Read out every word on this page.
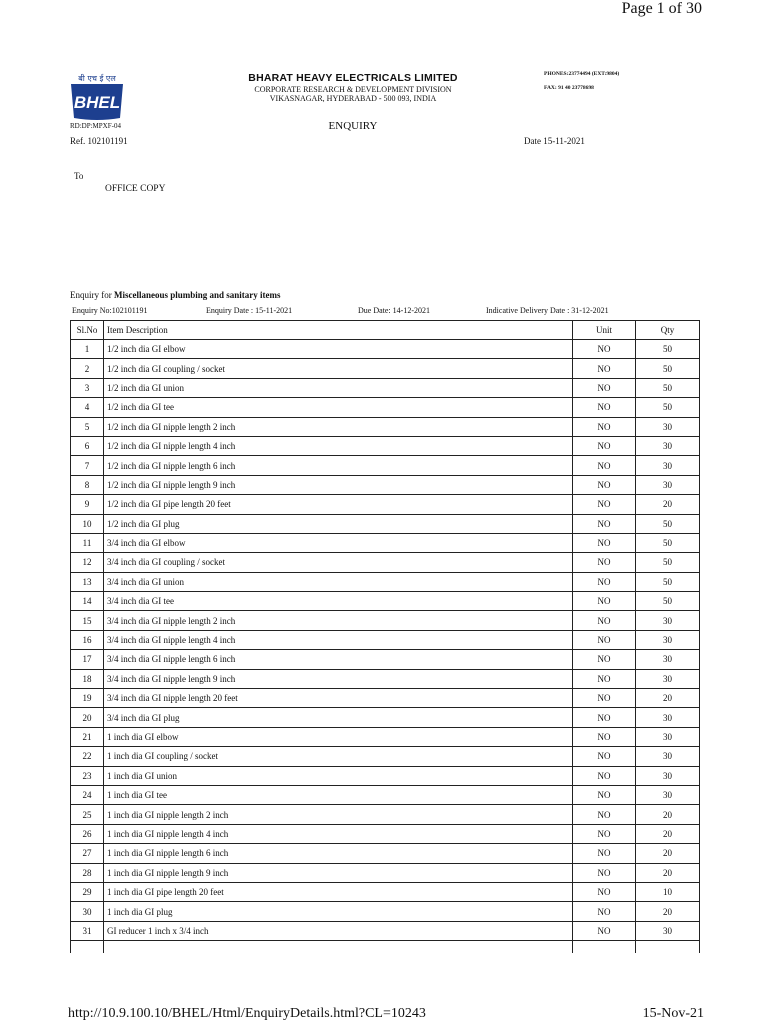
Page 1 of 30
बी एच ई एल
BHEL
BHARAT HEAVY ELECTRICALS LIMITED
CORPORATE RESEARCH & DEVELOPMENT DIVISION
VIKASNAGAR, HYDERABAD - 500 093, INDIA
PHONES:23774494 (EXT:9804)
FAX: 91 40 23778698
RD:DP:MPXF-04	ENQUIRY
Ref. 102101191	Date 15-11-2021
To
OFFICE COPY
Enquiry for Miscellaneous plumbing and sanitary items
Enquiry No:102101191	Enquiry Date : 15-11-2021	Due Date: 14-12-2021	Indicative Delivery Date : 31-12-2021
Sl.No	Item Description	Unit	Qty
1	1/2 inch dia GI elbow	NO	50
2	1/2 inch dia GI coupling / socket	NO	50
3	1/2 inch dia GI union	NO	50
4	1/2 inch dia GI tee	NO	50
5	1/2 inch dia GI nipple length 2 inch	NO	30
6	1/2 inch dia GI nipple length 4 inch	NO	30
7	1/2 inch dia GI nipple length 6 inch	NO	30
8	1/2 inch dia GI nipple length 9 inch	NO	30
9	1/2 inch dia GI pipe length 20 feet	NO	20
10	1/2 inch dia GI plug	NO	50
11	3/4 inch dia GI elbow	NO	50
12	3/4 inch dia GI coupling / socket	NO	50
13	3/4 inch dia GI union	NO	50
14	3/4 inch dia GI tee	NO	50
15	3/4 inch dia GI nipple length 2 inch	NO	30
16	3/4 inch dia GI nipple length 4 inch	NO	30
17	3/4 inch dia GI nipple length 6 inch	NO	30
18	3/4 inch dia GI nipple length 9 inch	NO	30
19	3/4 inch dia GI nipple length 20 feet	NO	20
20	3/4 inch dia GI plug	NO	30
21	1 inch dia GI elbow	NO	30
22	1 inch dia GI coupling / socket	NO	30
23	1 inch dia GI union	NO	30
24	1 inch dia GI tee	NO	30
25	1 inch dia GI nipple length 2 inch	NO	20
26	1 inch dia GI nipple length 4 inch	NO	20
27	1 inch dia GI nipple length 6 inch	NO	20
28	1 inch dia GI nipple length 9 inch	NO	20
29	1 inch dia GI pipe length 20 feet	NO	10
30	1 inch dia GI plug	NO	20
31	GI reducer 1 inch x 3/4 inch	NO	30

http://10.9.100.10/BHEL/Html/EnquiryDetails.html?CL=10243	15-Nov-21
